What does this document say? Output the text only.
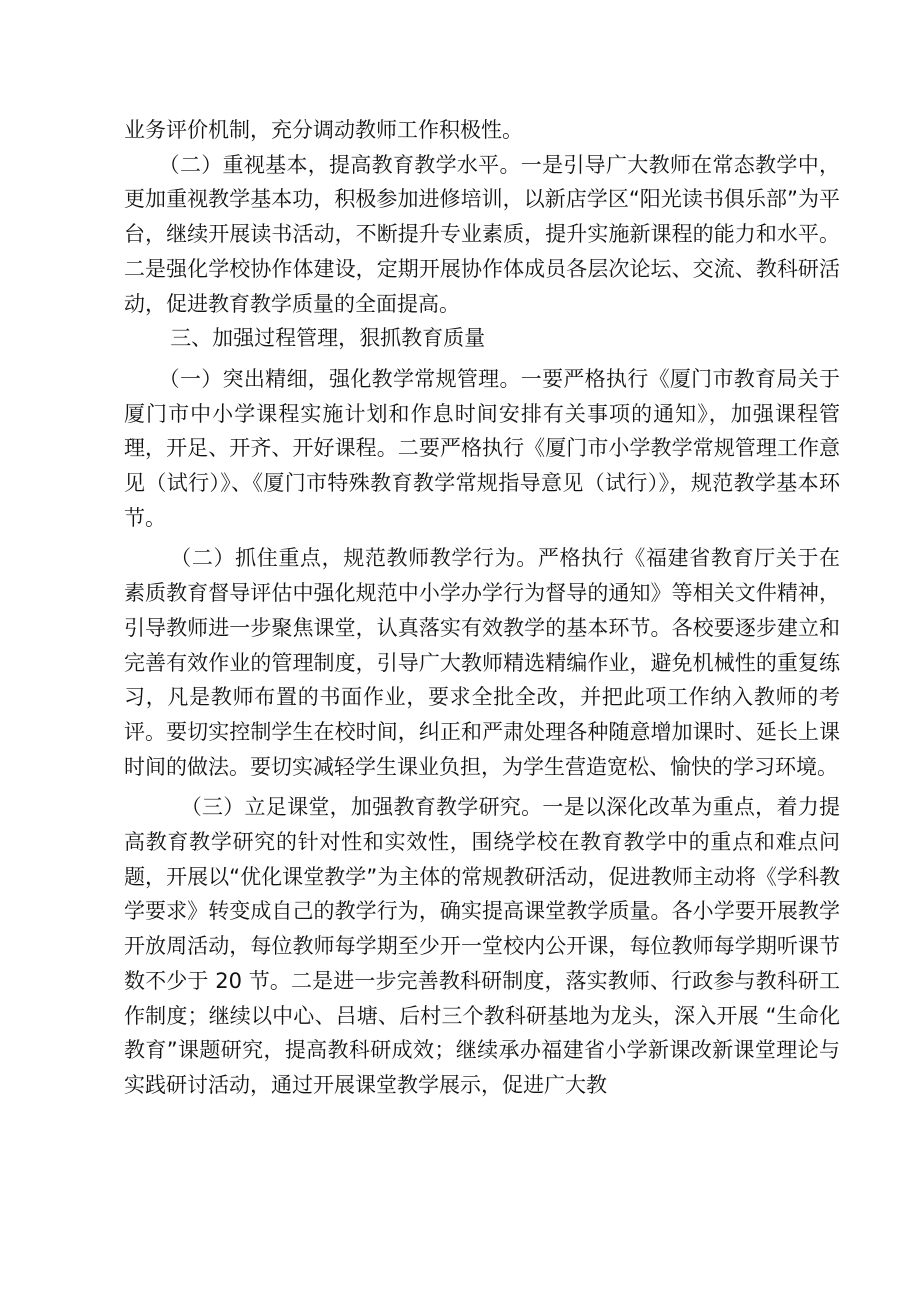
业务评价机制，充分调动教师工作积极性。

（二）重视基本，提高教育教学水平。一是引导广大教师在常态教学中，更加重视教学基本功，积极参加进修培训，以新店学区“阳光读书俱乐部”为平台，继续开展读书活动，不断提升专业素质，提升实施新课程的能力和水平。二是强化学校协作体建设，定期开展协作体成员各层次论坛、交流、教科研活动，促进教育教学质量的全面提高。

三、加强过程管理，狠抓教育质量

（一）突出精细，强化教学常规管理。一要严格执行《厦门市教育局关于厦门市中小学课程实施计划和作息时间安排有关事项的通知》，加强课程管理，开足、开齐、开好课程。二要严格执行《厦门市小学教学常规管理工作意见（试行）》、《厦门市特殊教育教学常规指导意见（试行）》，规范教学基本环节。

（二）抓住重点，规范教师教学行为。严格执行《福建省教育厅关于在素质教育督导评估中强化规范中小学办学行为督导的通知》等相关文件精神，引导教师进一步聚焦课堂，认真落实有效教学的基本环节。各校要逐步建立和完善有效作业的管理制度，引导广大教师精选精编作业，避免机械性的重复练习，凡是教师布置的书面作业，要求全批全改，并把此项工作纳入教师的考评。要切实控制学生在校时间，纠正和严肃处理各种随意增加课时、延长上课时间的做法。要切实减轻学生课业负担，为学生营造宽松、愉快的学习环境。

（三）立足课堂，加强教育教学研究。一是以深化改革为重点，着力提高教育教学研究的针对性和实效性，围绕学校在教育教学中的重点和难点问题，开展以“优化课堂教学”为主体的常规教研活动，促进教师主动将《学科教学要求》转变成自己的教学行为，确实提高课堂教学质量。各小学要开展教学开放周活动，每位教师每学期至少开一堂校内公开课，每位教师每学期听课节数不少于 20 节。二是进一步完善教科研制度，落实教师、行政参与教科研工作制度；继续以中心、吕塘、后村三个教科研基地为龙头，深入开展 “生命化教育”课题研究，提高教科研成效；继续承办福建省小学新课改新课堂理论与实践研讨活动，通过开展课堂教学展示，促进广大教
